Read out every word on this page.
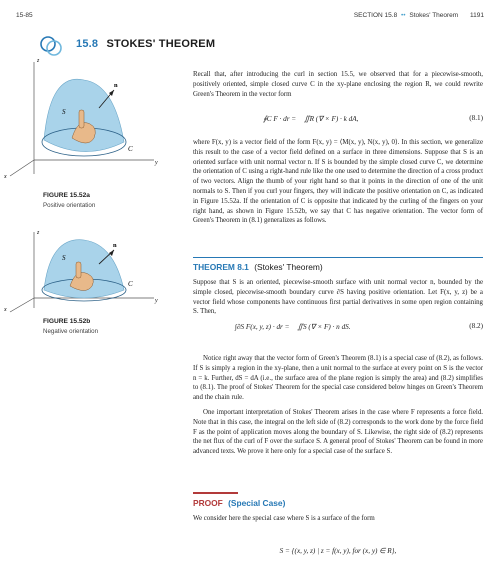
15-85	SECTION 15.8 •• Stokes' Theorem 1191
15.8 STOKES' THEOREM
z
y
x
S
n
C
FIGURE 15.52a
Positive orientation
z
y
x
S
n
C
FIGURE 15.52b
Negative orientation

Recall that, after introducing the curl in section 15.5, we observed that for a piecewise-smooth, positively oriented, simple closed curve C in the xy-plane enclosing the region R, we could rewrite Green's Theorem in the vector form

∮C F · dr = ∬R (∇ × F) · k dA,	(8.1)

where F(x, y) is a vector field of the form F(x, y) = ⟨M(x, y), N(x, y), 0⟩. In this section, we generalize this result to the case of a vector field defined on a surface in three dimensions. Suppose that S is an oriented surface with unit normal vector n. If S is bounded by the simple closed curve C, we determine the orientation of C using a right-hand rule like the one used to determine the direction of a cross product of two vectors. Align the thumb of your right hand so that it points in the direction of one of the unit normals to S. Then if you curl your fingers, they will indicate the positive orientation on C, as indicated in Figure 15.52a. If the orientation of C is opposite that indicated by the curling of the fingers on your right hand, as shown in Figure 15.52b, we say that C has negative orientation. The vector form of Green's Theorem in (8.1) generalizes as follows.

THEOREM 8.1 (Stokes' Theorem)

Suppose that S is an oriented, piecewise-smooth surface with unit normal vector n, bounded by the simple closed, piecewise-smooth boundary curve ∂S having positive orientation. Let F(x, y, z) be a vector field whose components have continuous first partial derivatives in some open region containing S. Then,

∫∂S F(x, y, z) · dr = ∬S (∇ × F) · n dS.	(8.2)

Notice right away that the vector form of Green's Theorem (8.1) is a special case of (8.2), as follows. If S is simply a region in the xy-plane, then a unit normal to the surface at every point on S is the vector n = k. Further, dS = dA (i.e., the surface area of the plane region is simply the area) and (8.2) simplifies to (8.1). The proof of Stokes' Theorem for the special case considered below hinges on Green's Theorem and the chain rule.

One important interpretation of Stokes' Theorem arises in the case where F represents a force field. Note that in this case, the integral on the left side of (8.2) corresponds to the work done by the force field F as the point of application moves along the boundary of S. Likewise, the right side of (8.2) represents the net flux of the curl of F over the surface S. A general proof of Stokes' Theorem can be found in more advanced texts. We prove it here only for a special case of the surface S.

PROOF (Special Case)

We consider here the special case where S is a surface of the form

S = {(x, y, z) | z = f(x, y), for (x, y) ∈ R},
